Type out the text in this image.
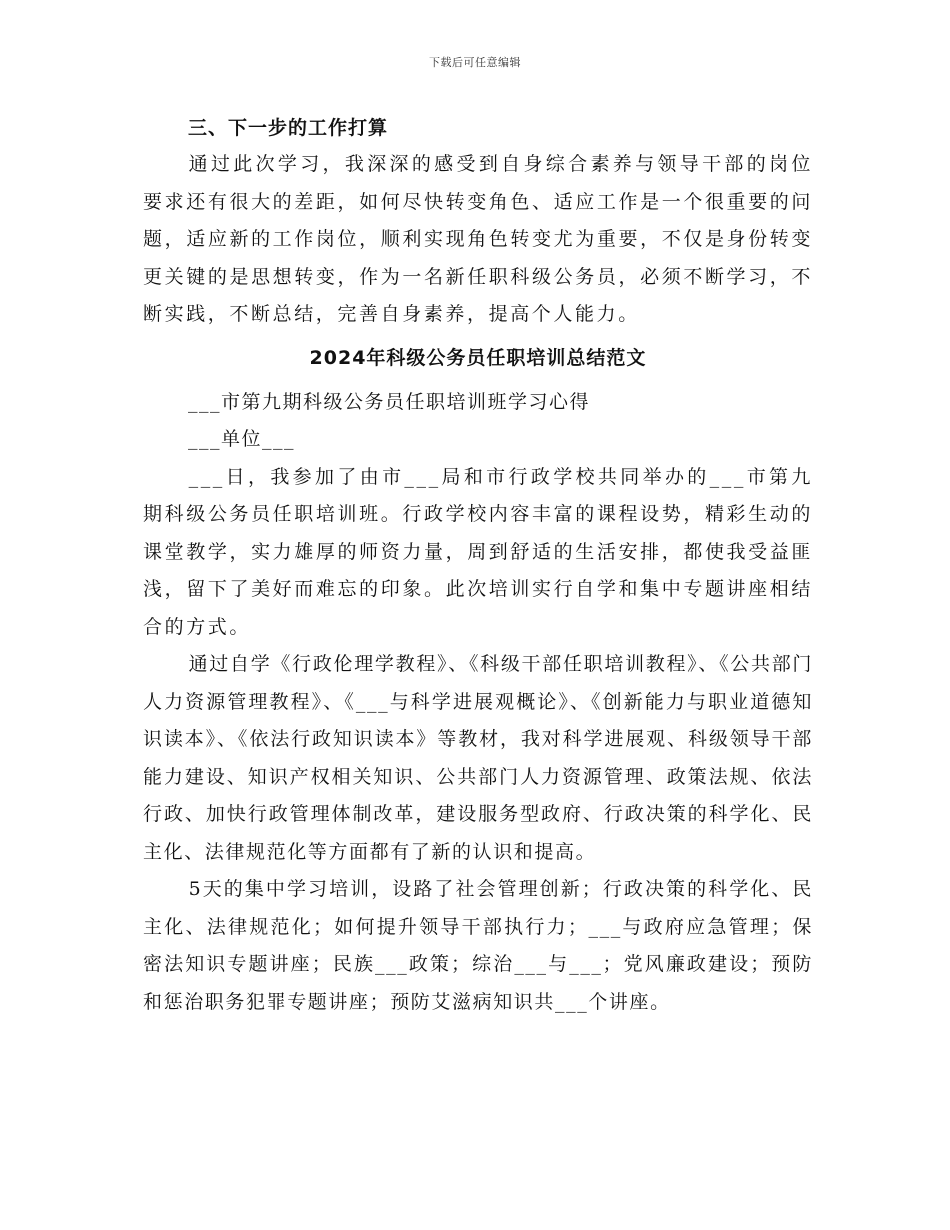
下载后可任意编辑

三、下一步的工作打算

通过此次学习，我深深的感受到自身综合素养与领导干部的岗位要求还有很大的差距，如何尽快转变角色、适应工作是一个很重要的问题，适应新的工作岗位，顺利实现角色转变尤为重要，不仅是身份转变更关键的是思想转变，作为一名新任职科级公务员，必须不断学习，不断实践，不断总结，完善自身素养，提高个人能力。

2024年科级公务员任职培训总结范文

___市第九期科级公务员任职培训班学习心得

___单位___

___日，我参加了由市___局和市行政学校共同举办的___市第九期科级公务员任职培训班。行政学校内容丰富的课程设势，精彩生动的课堂教学，实力雄厚的师资力量，周到舒适的生活安排，都使我受益匪浅，留下了美好而难忘的印象。此次培训实行自学和集中专题讲座相结合的方式。

通过自学《行政伦理学教程》、《科级干部任职培训教程》、《公共部门人力资源管理教程》、《___与科学进展观概论》、《创新能力与职业道德知识读本》、《依法行政知识读本》等教材，我对科学进展观、科级领导干部能力建设、知识产权相关知识、公共部门人力资源管理、政策法规、依法行政、加快行政管理体制改革，建设服务型政府、行政决策的科学化、民主化、法律规范化等方面都有了新的认识和提高。

5天的集中学习培训，设路了社会管理创新；行政决策的科学化、民主化、法律规范化；如何提升领导干部执行力；___与政府应急管理；保密法知识专题讲座；民族___政策；综治___与___；党风廉政建设；预防和惩治职务犯罪专题讲座；预防艾滋病知识共___个讲座。
